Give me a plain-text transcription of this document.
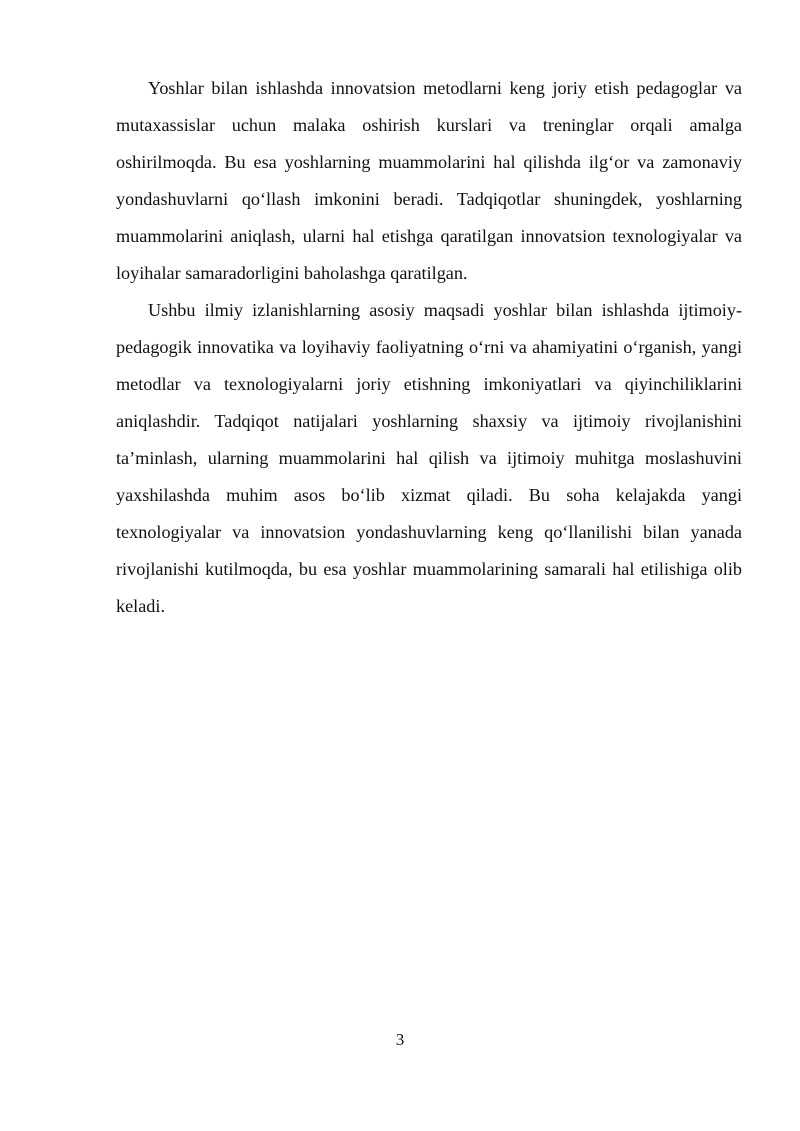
Yoshlar bilan ishlashda innovatsion metodlarni keng joriy etish pedagoglar va mutaxassislar uchun malaka oshirish kurslari va treninglar orqali amalga oshirilmoqda. Bu esa yoshlarning muammolarini hal qilishda ilg‘or va zamonaviy yondashuvlarni qo‘llash imkonini beradi. Tadqiqotlar shuningdek, yoshlarning muammolarini aniqlash, ularni hal etishga qaratilgan innovatsion texnologiyalar va loyihalar samaradorligini baholashga qaratilgan.

Ushbu ilmiy izlanishlarning asosiy maqsadi yoshlar bilan ishlashda ijtimoiy-pedagogik innovatika va loyihaviy faoliyatning o‘rni va ahamiyatini o‘rganish, yangi metodlar va texnologiyalarni joriy etishning imkoniyatlari va qiyinchiliklarini aniqlashdir. Tadqiqot natijalari yoshlarning shaxsiy va ijtimoiy rivojlanishini ta’minlash, ularning muammolarini hal qilish va ijtimoiy muhitga moslashuvini yaxshilashda muhim asos bo‘lib xizmat qiladi. Bu soha kelajakda yangi texnologiyalar va innovatsion yondashuvlarning keng qo‘llanilishi bilan yanada rivojlanishi kutilmoqda, bu esa yoshlar muammolarining samarali hal etilishiga olib keladi.

3
